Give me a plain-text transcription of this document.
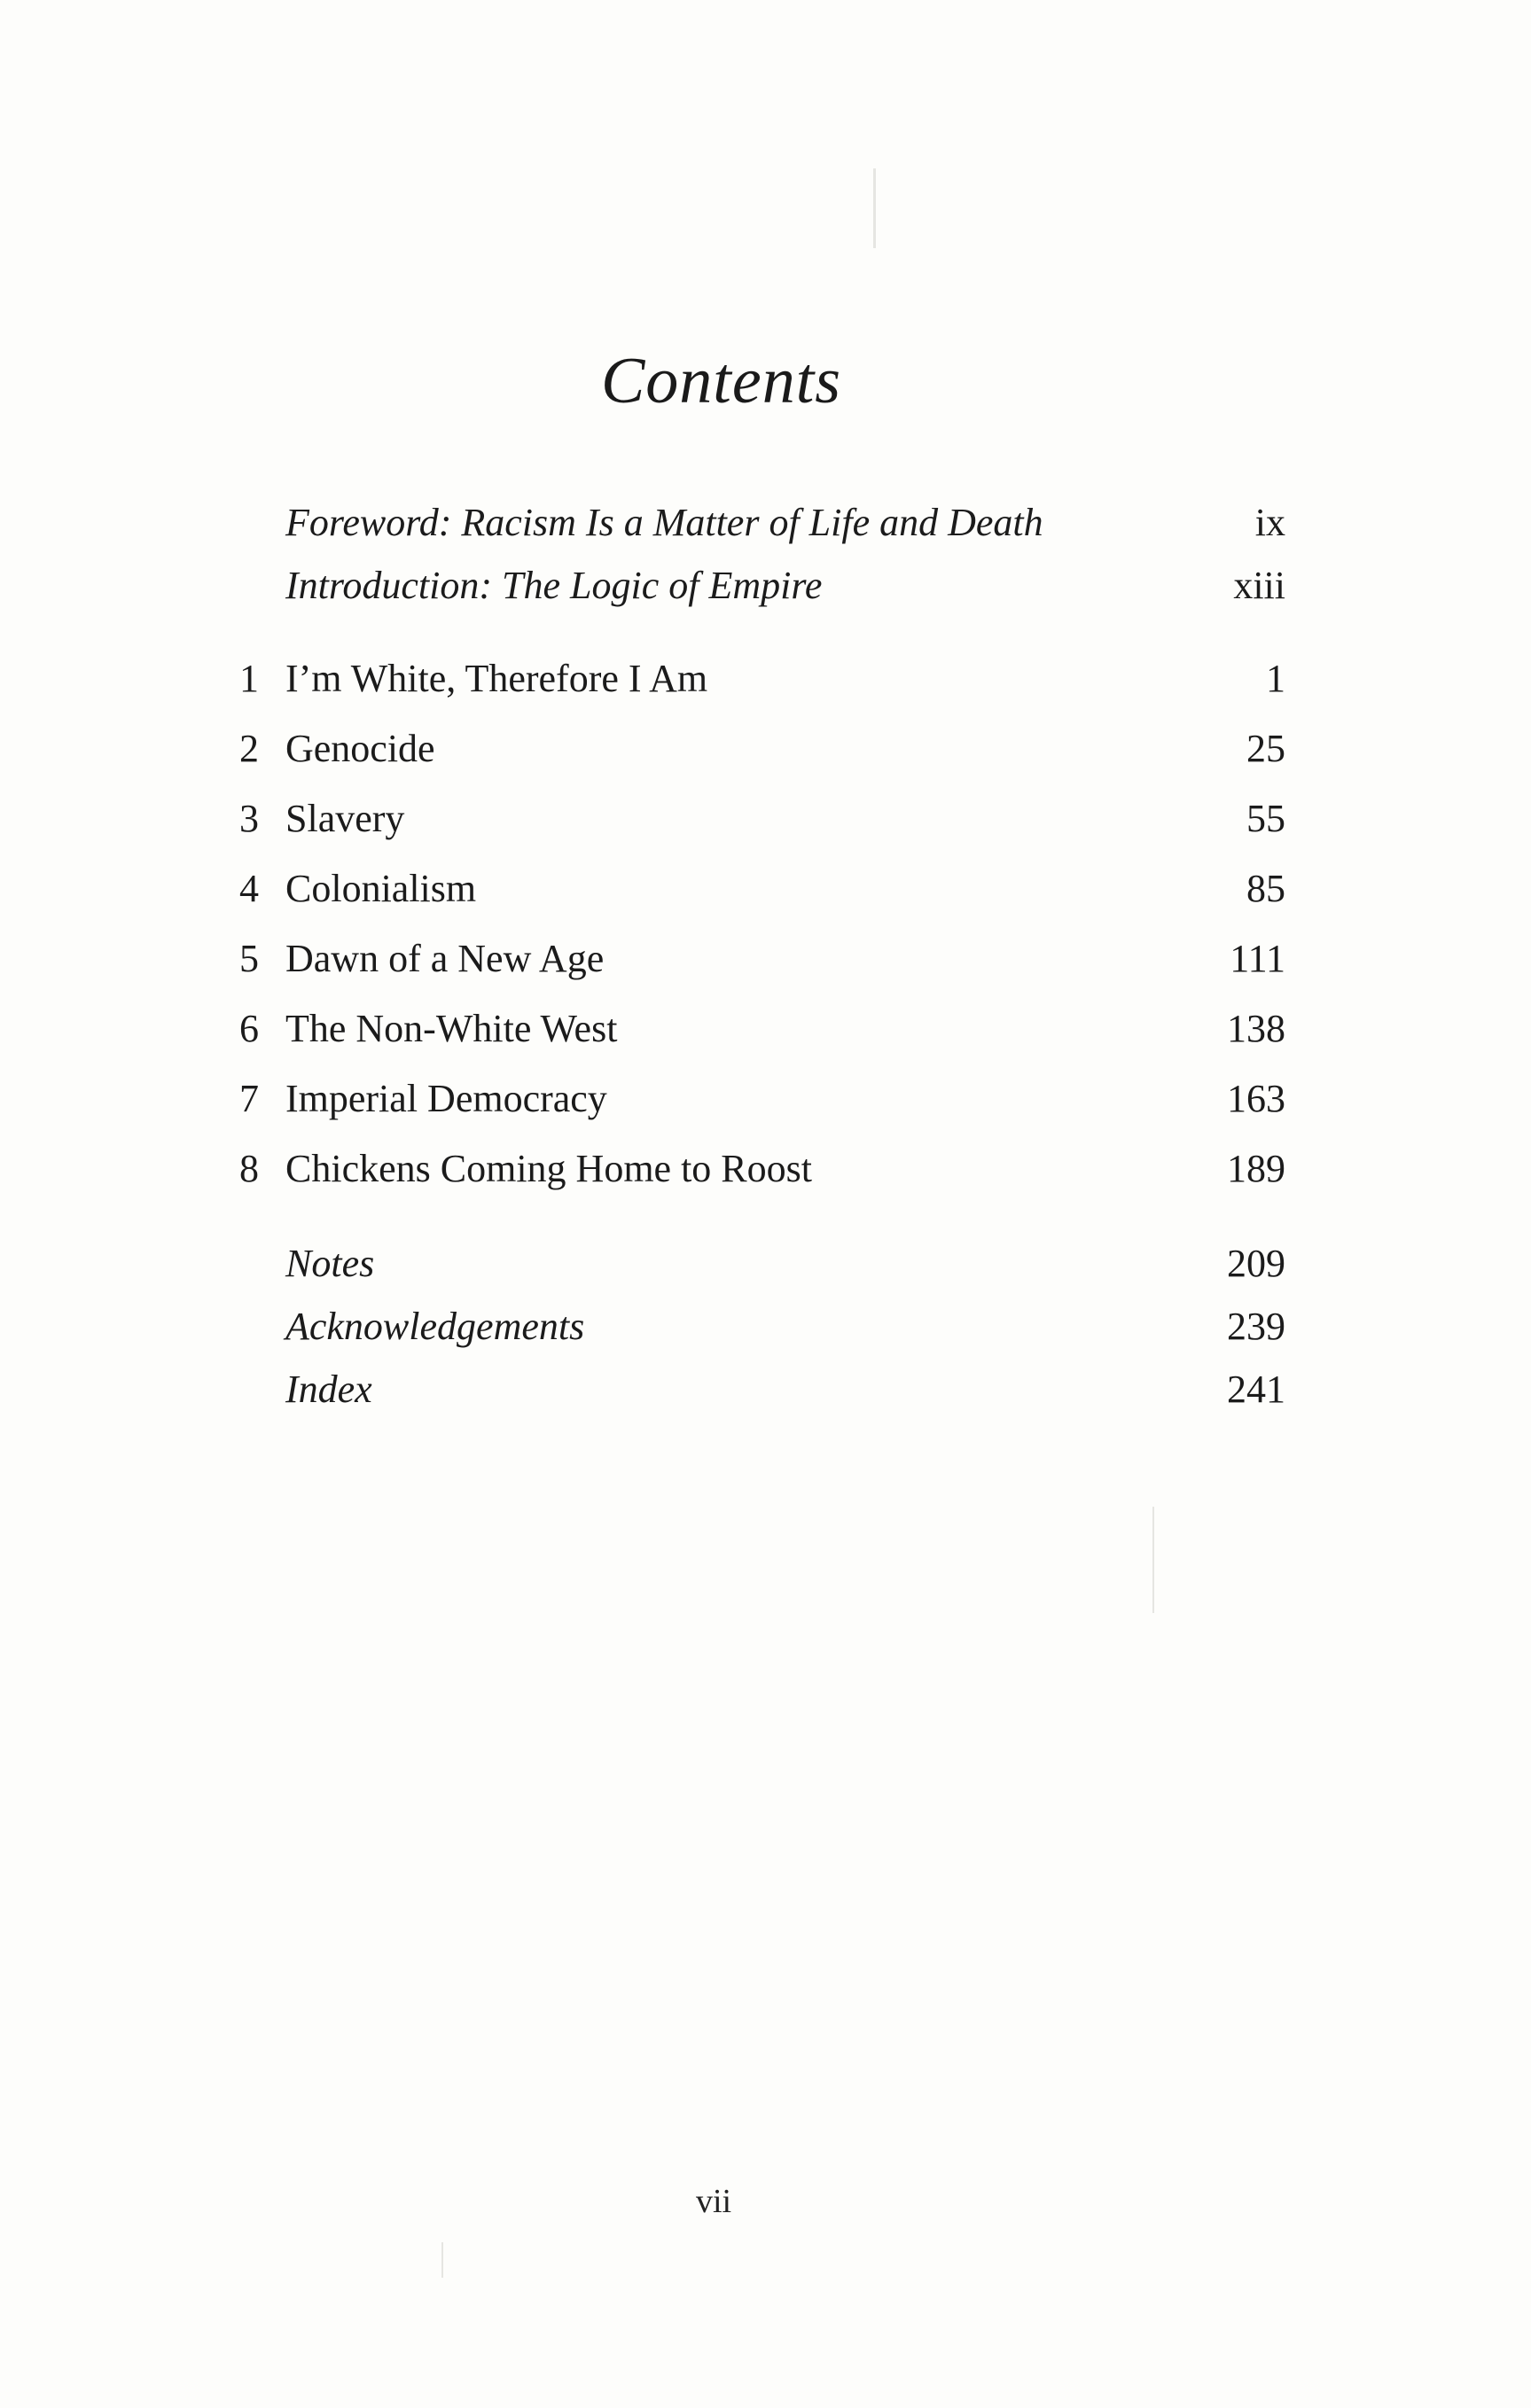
Contents
Foreword: Racism Is a Matter of Life and Death	ix
Introduction: The Logic of Empire	xiii
1 I’m White, Therefore I Am	1
2 Genocide	25
3 Slavery	55
4 Colonialism	85
5 Dawn of a New Age	111
6 The Non-White West	138
7 Imperial Democracy	163
8 Chickens Coming Home to Roost	189
Notes	209
Acknowledgements	239
Index	241
vii
